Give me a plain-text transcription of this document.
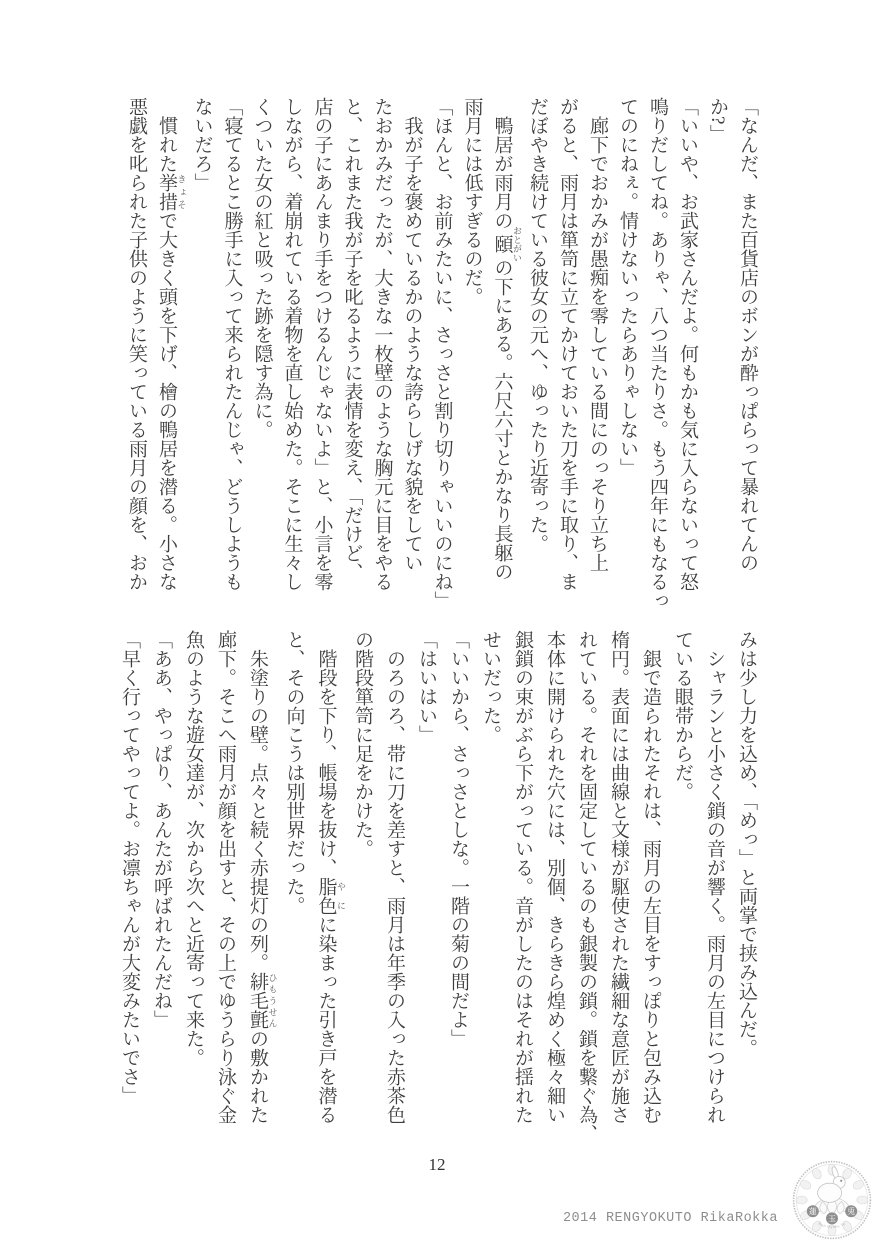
「なんだ、また百貨店のボンが酔っぱらって暴れてんの

か?」

「いいや、お武家さんだよ。何もかも気に入らないって怒

鳴りだしてね。ありゃ、八つ当たりさ。もう四年にもなるっ

てのにねぇ。情けないったらありゃしない」

　廊下でおかみが愚痴を零している間にのっそり立ち上

がると、雨月は箪笥に立てかけておいた刀を手に取り、ま

だぼやき続けている彼女の元へ、ゆったり近寄った。

　鴨居が雨月の頤 おとがいの下にある。六尺六寸とかなり長躯の

雨月には低すぎるのだ。

「ほんと、お前みたいに、さっさと割り切りゃいいのにね」

　我が子を褒めているかのような誇らしげな貌をしてい

たおかみだったが、大きな一枚壁のような胸元に目をやる

と、これまた我が子を叱るように表情を変え、「だけど、

店の子にあんまり手をつけるんじゃないよ」と、小言を零

しながら、着崩れている着物を直し始めた。そこに生々し

くついた女の紅と吸った跡を隠す為に。

「寝てるとこ勝手に入って来られたんじゃ、どうしようも

ないだろ」

　慣れた挙措 きょそで大きく頭を下げ、檜の鴨居を潜る。小さな

悪戯を叱られた子供のように笑っている雨月の顔を、おか

みは少し力を込め、「めっ」と両掌で挟み込んだ。

　シャランと小さく鎖の音が響く。雨月の左目につけられ

ている眼帯からだ。

　銀で造られたそれは、雨月の左目をすっぽりと包み込む

楕円。表面には曲線と文様が駆使された繊細な意匠が施さ

れている。それを固定しているのも銀製の鎖。鎖を繋ぐ為、

本体に開けられた穴には、別個、きらきら煌めく極々細い

銀鎖の束がぶら下がっている。音がしたのはそれが揺れた

せいだった。

「いいから、さっさとしな。一階の菊の間だよ」

「はいはい」

　のろのろ、帯に刀を差すと、雨月は年季の入った赤茶色

の階段箪笥に足をかけた。

　階段を下り、帳場を抜け、脂色 やにに染まった引き戸を潜る

と、その向こうは別世界だった。

　朱塗りの壁。点々と続く赤提灯の列。緋毛氈 ひもうせんの敷かれた

廊下。そこへ雨月が顔を出すと、その上でゆうらり泳ぐ金

魚のような遊女達が、次から次へと近寄って来た。

「ああ、やっぱり、あんたが呼ばれたんだね」

「早く行ってやってよ。お凛ちゃんが大変みたいでさ」

12
2014 RENGYOKUTO RikaRokka	蓮
玉
兎
Ren Gyoku To
